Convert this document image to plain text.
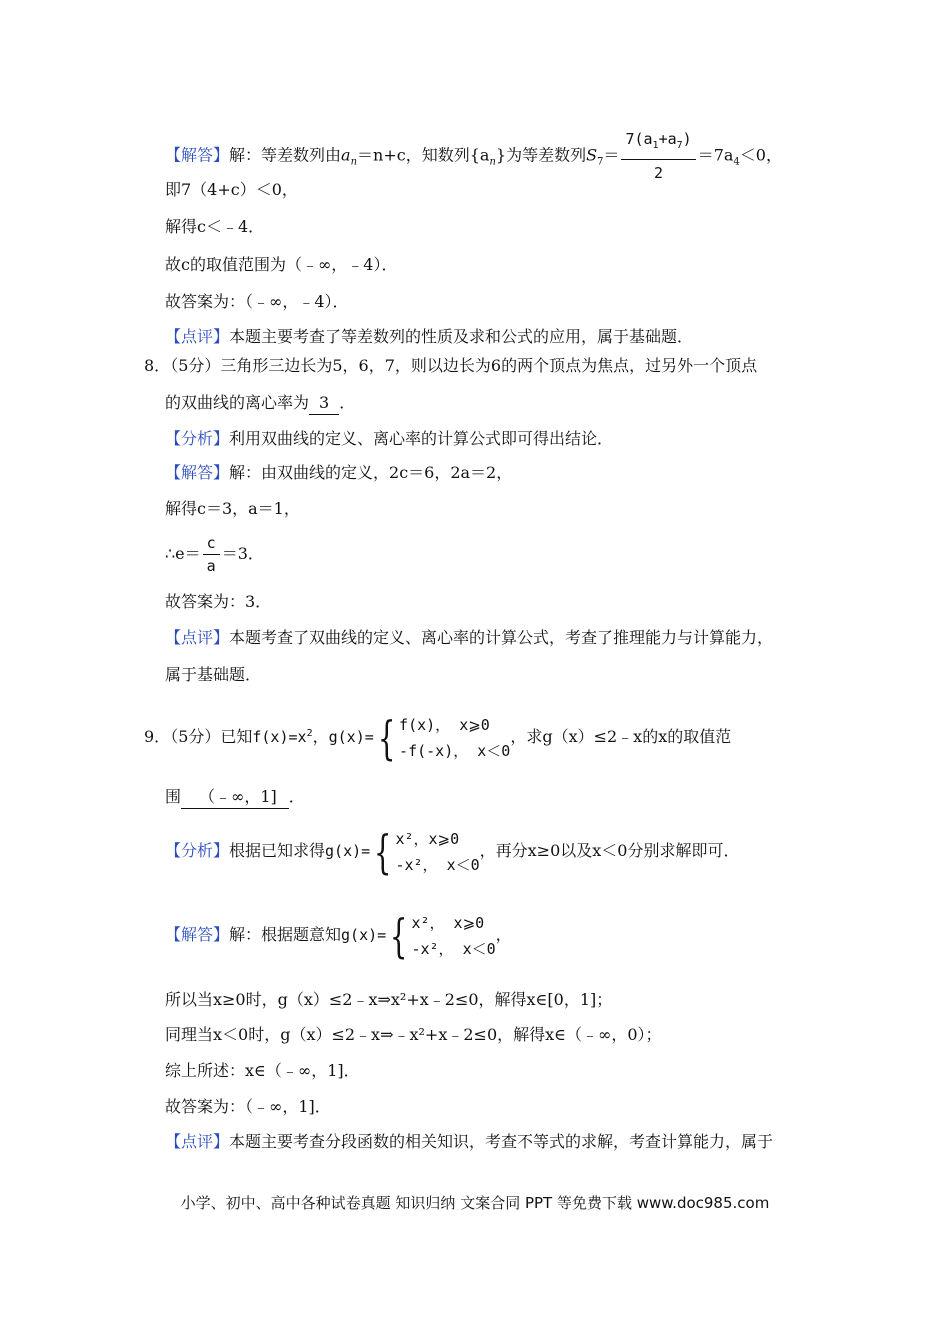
【解答】解：等差数列由$a_n=n+c$，知数列$\{a_n\}$为等差数列$S_7= \frac{7(a_1+a_7)}{2} =7a_4<0$，
即7（4+c）＜0，
解得c＜﹣4．
故c的取值范围为（﹣∞，﹣4）．
故答案为：（﹣∞，﹣4）．
【点评】本题主要考查了等差数列的性质及求和公式的应用，属于基础题．
8．（5分）三角形三边长为5，6，7，则以边长为6的两个顶点为焦点，过另外一个顶点
的双曲线的离心率为 3 ．
【分析】利用双曲线的定义、离心率的计算公式即可得出结论．
【解答】解：由双曲线的定义，2c＝6，2a＝2，
解得c＝3，a＝1，
∴e＝ $\frac{c}{a} =3$．
故答案为：3．
【点评】本题考查了双曲线的定义、离心率的计算公式，考查了推理能力与计算能力，
属于基础题．
9．（5分）已知$f(x)=x^2$，g(x)={ f(x)， x⩾0
-f(-x)， x＜0
，求g（x）≤2﹣x的x的取值范
围 （﹣∞，1] ．
【分析】根据已知求得g(x)={ x²，x⩾0
-x²， x＜0
，再分x≥0以及x＜0分别求解即可．
【解答】解：根据题意知g(x)={ x²， x⩾0
-x²， x＜0
，
所以当x≥0时，g（x）≤2﹣x⇒x²+x﹣2≤0，解得x∈[0，1]；
同理当x＜0时，g（x）≤2﹣x⇒﹣x²+x﹣2≤0，解得x∈（﹣∞，0）；
综上所述：x∈（﹣∞，1]．
故答案为：（﹣∞，1]．
【点评】本题主要考查分段函数的相关知识，考查不等式的求解，考查计算能力，属于
小学、初中、高中各种试卷真题 知识归纳 文案合同 PPT 等免费下载 www.doc985.com
